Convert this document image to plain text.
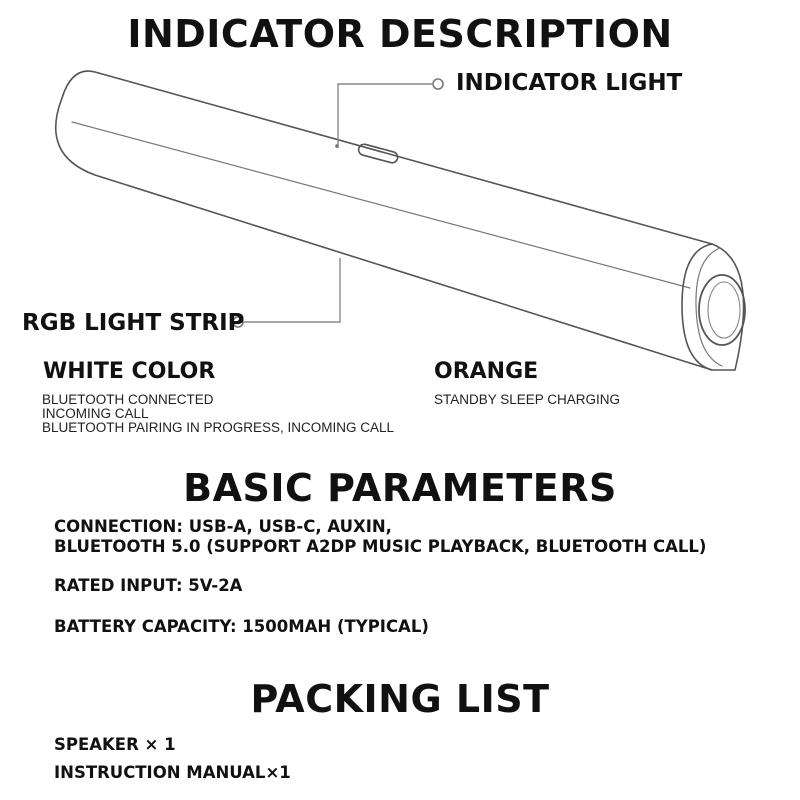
INDICATOR DESCRIPTION
INDICATOR LIGHT
RGB LIGHT STRIP
WHITE COLOR
BLUETOOTH CONNECTED
INCOMING CALL
BLUETOOTH PAIRING IN PROGRESS, INCOMING CALL
ORANGE
STANDBY SLEEP CHARGING
BASIC PARAMETERS
CONNECTION: USB-A, USB-C, AUXIN,
BLUETOOTH 5.0 (SUPPORT A2DP MUSIC PLAYBACK, BLUETOOTH CALL)
RATED INPUT: 5V-2A
BATTERY CAPACITY: 1500MAH (TYPICAL)
PACKING LIST
SPEAKER × 1
INSTRUCTION MANUAL×1
